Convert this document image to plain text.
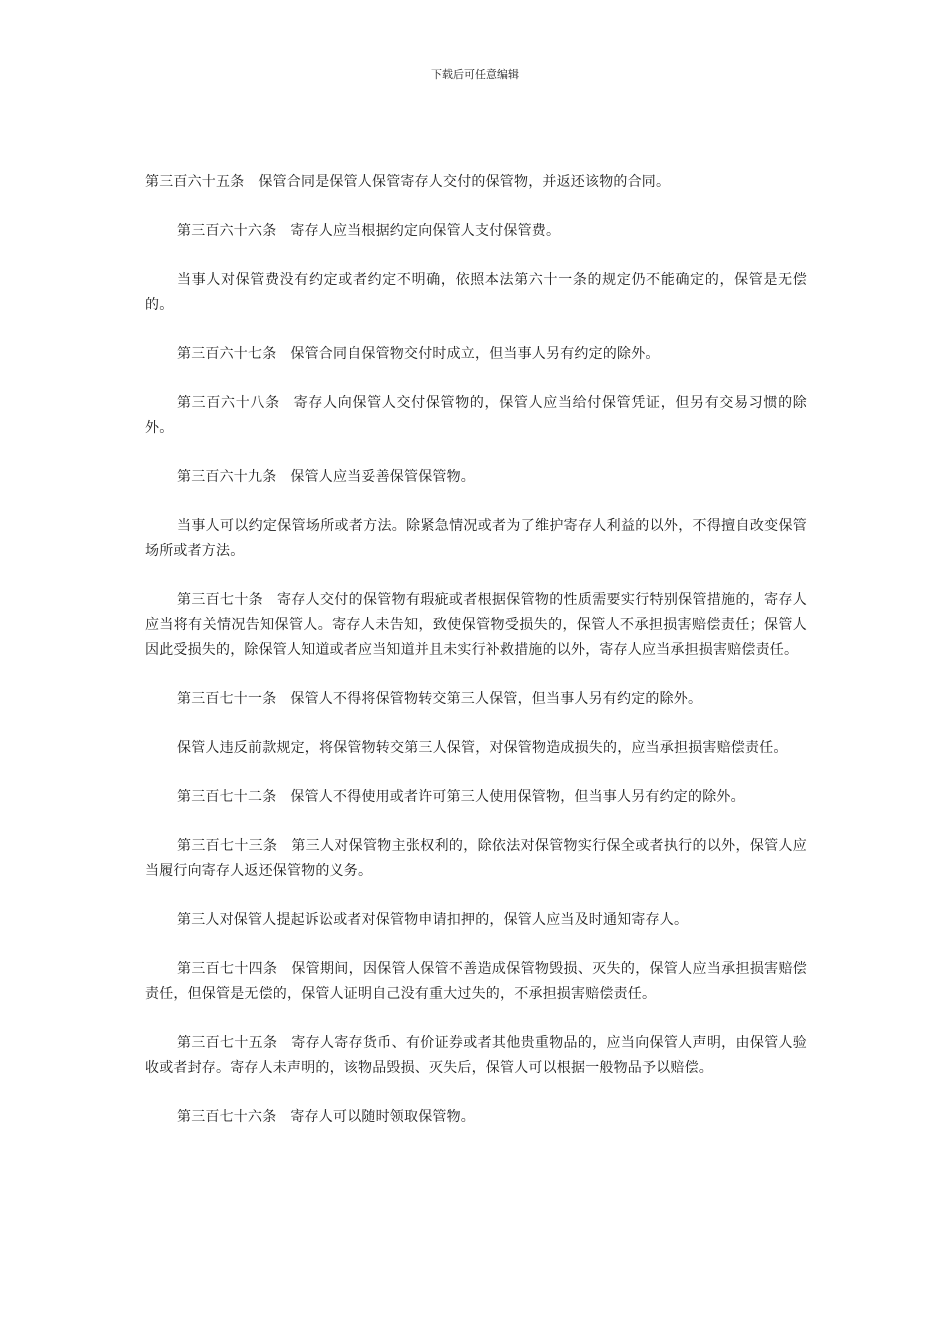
下载后可任意编辑

第三百六十五条 保管合同是保管人保管寄存人交付的保管物，并返还该物的合同。

第三百六十六条 寄存人应当根据约定向保管人支付保管费。

当事人对保管费没有约定或者约定不明确，依照本法第六十一条的规定仍不能确定的，保管是无偿的。

第三百六十七条 保管合同自保管物交付时成立，但当事人另有约定的除外。

第三百六十八条 寄存人向保管人交付保管物的，保管人应当给付保管凭证，但另有交易习惯的除外。

第三百六十九条 保管人应当妥善保管保管物。

当事人可以约定保管场所或者方法。除紧急情况或者为了维护寄存人利益的以外，不得擅自改变保管场所或者方法。

第三百七十条 寄存人交付的保管物有瑕疵或者根据保管物的性质需要实行特别保管措施的，寄存人应当将有关情况告知保管人。寄存人未告知，致使保管物受损失的，保管人不承担损害赔偿责任；保管人因此受损失的，除保管人知道或者应当知道并且未实行补救措施的以外，寄存人应当承担损害赔偿责任。

第三百七十一条 保管人不得将保管物转交第三人保管，但当事人另有约定的除外。

保管人违反前款规定，将保管物转交第三人保管，对保管物造成损失的，应当承担损害赔偿责任。

第三百七十二条 保管人不得使用或者许可第三人使用保管物，但当事人另有约定的除外。

第三百七十三条 第三人对保管物主张权利的，除依法对保管物实行保全或者执行的以外，保管人应当履行向寄存人返还保管物的义务。

第三人对保管人提起诉讼或者对保管物申请扣押的，保管人应当及时通知寄存人。

第三百七十四条 保管期间，因保管人保管不善造成保管物毁损、灭失的，保管人应当承担损害赔偿责任，但保管是无偿的，保管人证明自己没有重大过失的，不承担损害赔偿责任。

第三百七十五条 寄存人寄存货币、有价证券或者其他贵重物品的，应当向保管人声明，由保管人验收或者封存。寄存人未声明的，该物品毁损、灭失后，保管人可以根据一般物品予以赔偿。

第三百七十六条 寄存人可以随时领取保管物。
